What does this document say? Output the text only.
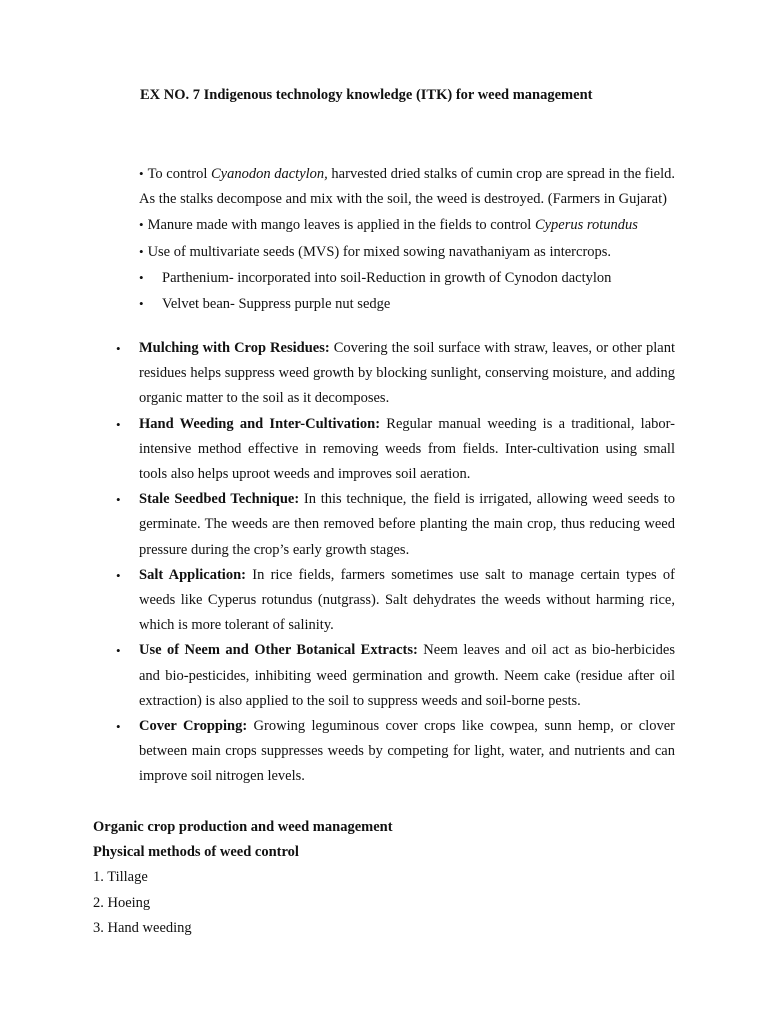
EX NO. 7 Indigenous technology knowledge (ITK) for weed management
• To control Cyanodon dactylon, harvested dried stalks of cumin crop are spread in the field. As the stalks decompose and mix with the soil, the weed is destroyed. (Farmers in Gujarat)
• Manure made with mango leaves is applied in the fields to control Cyperus rotundus
• Use of multivariate seeds (MVS) for mixed sowing navathaniyam as intercrops.
• Parthenium- incorporated into soil-Reduction in growth of Cynodon dactylon
• Velvet bean- Suppress purple nut sedge
• Mulching with Crop Residues: Covering the soil surface with straw, leaves, or other plant residues helps suppress weed growth by blocking sunlight, conserving moisture, and adding organic matter to the soil as it decomposes.
• Hand Weeding and Inter-Cultivation: Regular manual weeding is a traditional, labor-intensive method effective in removing weeds from fields. Inter-cultivation using small tools also helps uproot weeds and improves soil aeration.
• Stale Seedbed Technique: In this technique, the field is irrigated, allowing weed seeds to germinate. The weeds are then removed before planting the main crop, thus reducing weed pressure during the crop’s early growth stages.
• Salt Application: In rice fields, farmers sometimes use salt to manage certain types of weeds like Cyperus rotundus (nutgrass). Salt dehydrates the weeds without harming rice, which is more tolerant of salinity.
• Use of Neem and Other Botanical Extracts: Neem leaves and oil act as bio-herbicides and bio-pesticides, inhibiting weed germination and growth. Neem cake (residue after oil extraction) is also applied to the soil to suppress weeds and soil-borne pests.
• Cover Cropping: Growing leguminous cover crops like cowpea, sunn hemp, or clover between main crops suppresses weeds by competing for light, water, and nutrients and can improve soil nitrogen levels.
Organic crop production and weed management
Physical methods of weed control
1. Tillage
2. Hoeing
3. Hand weeding
